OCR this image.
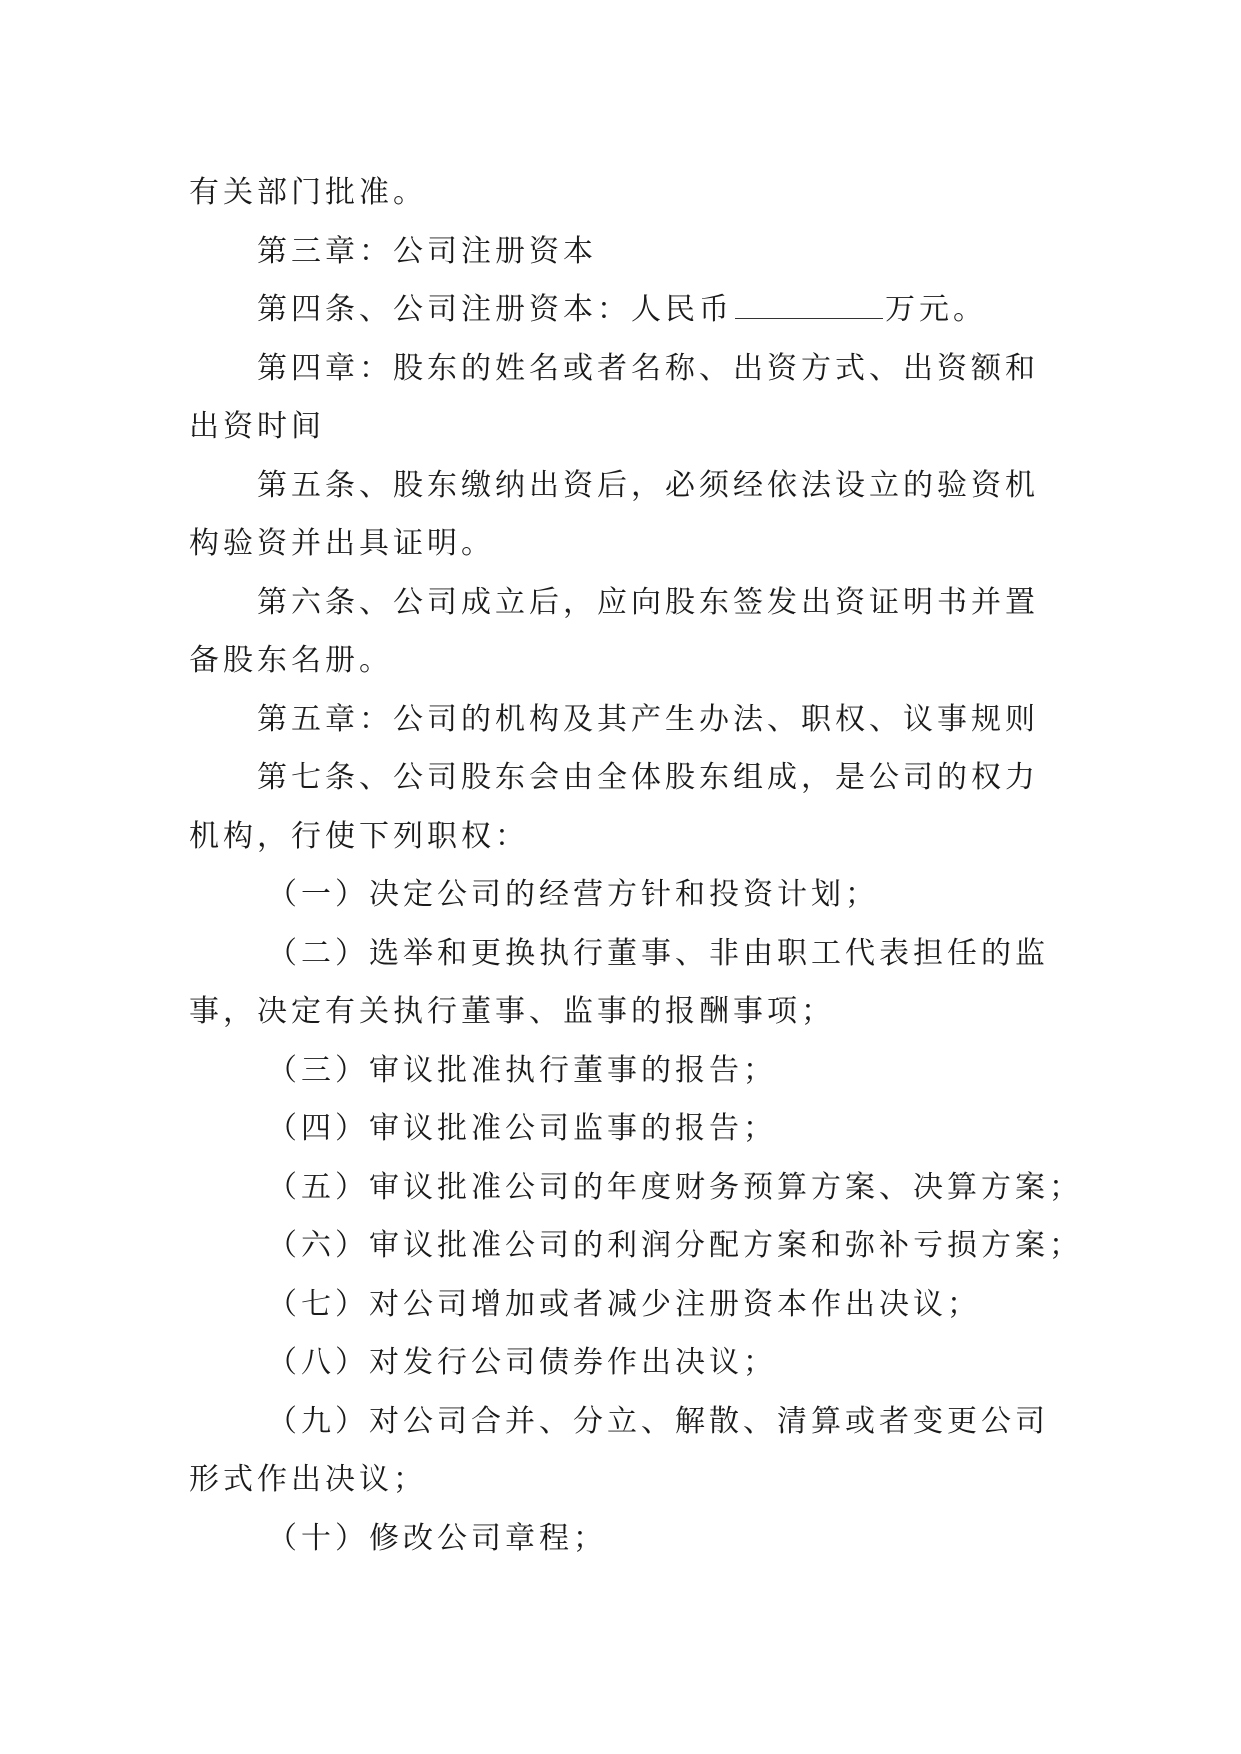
有关部门批准。

第三章：公司注册资本

第四条、公司注册资本：人民币	万元。

第四章：股东的姓名或者名称、出资方式、出资额和出资时间

第五条、股东缴纳出资后，必须经依法设立的验资机构验资并出具证明。

第六条、公司成立后，应向股东签发出资证明书并置备股东名册。

第五章：公司的机构及其产生办法、职权、议事规则

第七条、公司股东会由全体股东组成，是公司的权力机构，行使下列职权：

（一）决定公司的经营方针和投资计划；

（二）选举和更换执行董事、非由职工代表担任的监事，决定有关执行董事、监事的报酬事项；

（三）审议批准执行董事的报告；

（四）审议批准公司监事的报告；

（五）审议批准公司的年度财务预算方案、决算方案；

（六）审议批准公司的利润分配方案和弥补亏损方案；

（七）对公司增加或者减少注册资本作出决议；

（八）对发行公司债券作出决议；

（九）对公司合并、分立、解散、清算或者变更公司形式作出决议；

（十）修改公司章程；
